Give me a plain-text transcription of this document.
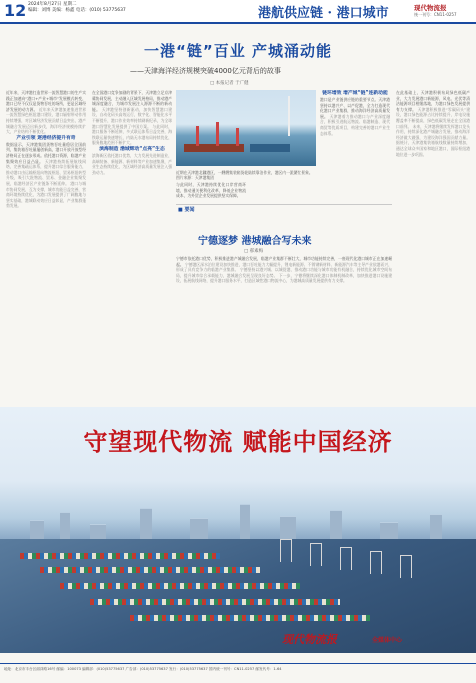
12 2024年8月27日 星期二
编辑：刘博 美编：杨鑫 电话：(010) 53775637	港航供应链 · 港口城市	现代物流报
统一刊号：CN11-0257
一港“链”百业 产城涌动能
——天津海洋经济规模突破4000亿元背后的故事
□ 本报记者 于广健
近年来，天津港打造世界一流智慧港口的生产实践正加速向“港口+产业+城市”发展模式转变，港口已经不仅仅是货物吞吐的场所，更是区域经济发展的动力源。 近年来天津港加速推进世界一流智慧绿色枢纽港口建设，港口辐射带动作用持续增强，对区域经济发展贡献日益突出，港产城融合发展迈出新步伐，海洋经济规模持续扩大，产业结构不断优化。
产业引领 逐港经济提升有奇
数据显示，天津港集团货物吞吐量稳居全国前列，集装箱吞吐量屡创新高，港口开放开放型经济格局正在逐步形成。依托港口资源，临港产业集聚效应日益凸显。 天津港持续拓展航线网络，完善集疏运体系，提升港口综合服务能力，推动港口由运输枢纽向物流枢纽、贸易枢纽转型升级，吸引大批物流、贸易、金融企业集聚发展，临港经济区产业链条不断延伸。 港口与城市协同发展，互为支撑，城市功能日益完善，营商环境持续优化，为港口发展提供了广阔腹地与坚实基础，港城联动效应日益彰显，产业集群蓬勃发展。
在全国港口竞争加剧的背景下，天津港立足京津冀协同发展，主动融入区域发展格局，推动港产城深度融合，为城市发展注入源源不断的新动能。 天津港坚持创新驱动，加快智慧港口建设，自动化码头高效运行，数字化、智能化水平不断提升，港口作业效率持续刷新纪录，为全球港口智慧化发展提供了中国方案。 与此同时，港口服务不断延伸，多式联运体系日益完善，海铁联运量快速增长，内陆无水港布局持续优化，服务腹地范围不断扩大。
滨海制造 渤城辉动“点亮”生态
滨海新区依托港口优势，大力发展先进制造业，高端装备、新能源、新材料等产业加速集聚，产业生态持续优化，为区域经济高质量发展注入强劲动力。	近期在天津港北疆港区，一艘艘集装箱货轮陆续靠泊作业，港区内一派繁忙景象。 图片来源：天津港集团
与此同时，天津港持续优化口岸营商环境，推动通关便利化改革，降低企业物流成本，为外贸企业发展提供坚实保障。
链环增效 增产城“链”连新动能
港口是产业链供应链的重要节点。天津港坚持以港兴产、以产促港，全力打造现代化港口产业集群，推动海洋经济高质量发展。 天津港着力推动港口与产业深度融合，积极引进航运物流、临港制造、现代商贸等优质项目，构建完善的港口产业生态体系。
在此基础上，天津港积极布局绿色低碳产业，大力发展港口新能源，风电、光伏等清洁能源项目相继落地，为港口绿色发展提供有力支撑。 天津港积极推进“零碳码头”建设，港口绿色能源占比持续提升，岸电设施覆盖率不断提高，绿色低碳发展走在全国港口前列。 未来，天津港将继续发挥港口龙头作用，持续深化港产城融合发展，推动海洋经济做大做强，为建设海洋强国贡献力量。 据统计，天津港集装箱航线数量持续增加，通达全球众多国家和地区港口，国际枢纽港地位进一步巩固。
■ 要闻
宁德逐梦 港城融合写未来
□ 郝素梅
宁德市依托港口优势，积极推进港产城融合发展，临港产业集群不断壮大，城市功能持续完善，一座现代化港口城市正在加速崛起。 宁德港区深水泊位建设加快推进，港口吞吐能力大幅提升，锂电新能源、不锈钢新材料、新能源汽车等主导产业依港而兴，形成了具有竞争力的临港产业集群。 宁德坚持以港兴城、以城促港，推动港口功能与城市功能有机融合，持续优化城市空间布局，提升城市综合承载能力，港城融合发展呈现良好态势。 下一步，宁德将继续深化港口体制机制改革，加快推进港口设施建设，拓展航线网络，提升港口服务水平，打造区域性港口物流中心，为港城高质量发展提供有力支撑。
守望现代物流 赋能中国经济
现代物流报	全媒体中心
地址：北京市丰台区丽泽路16号 邮编：100073 编辑部：(010)53775637 广告部：(010)53775637 发行：(010)53775637 国内统一刊号：CN11-0257 邮发代号：1-64
